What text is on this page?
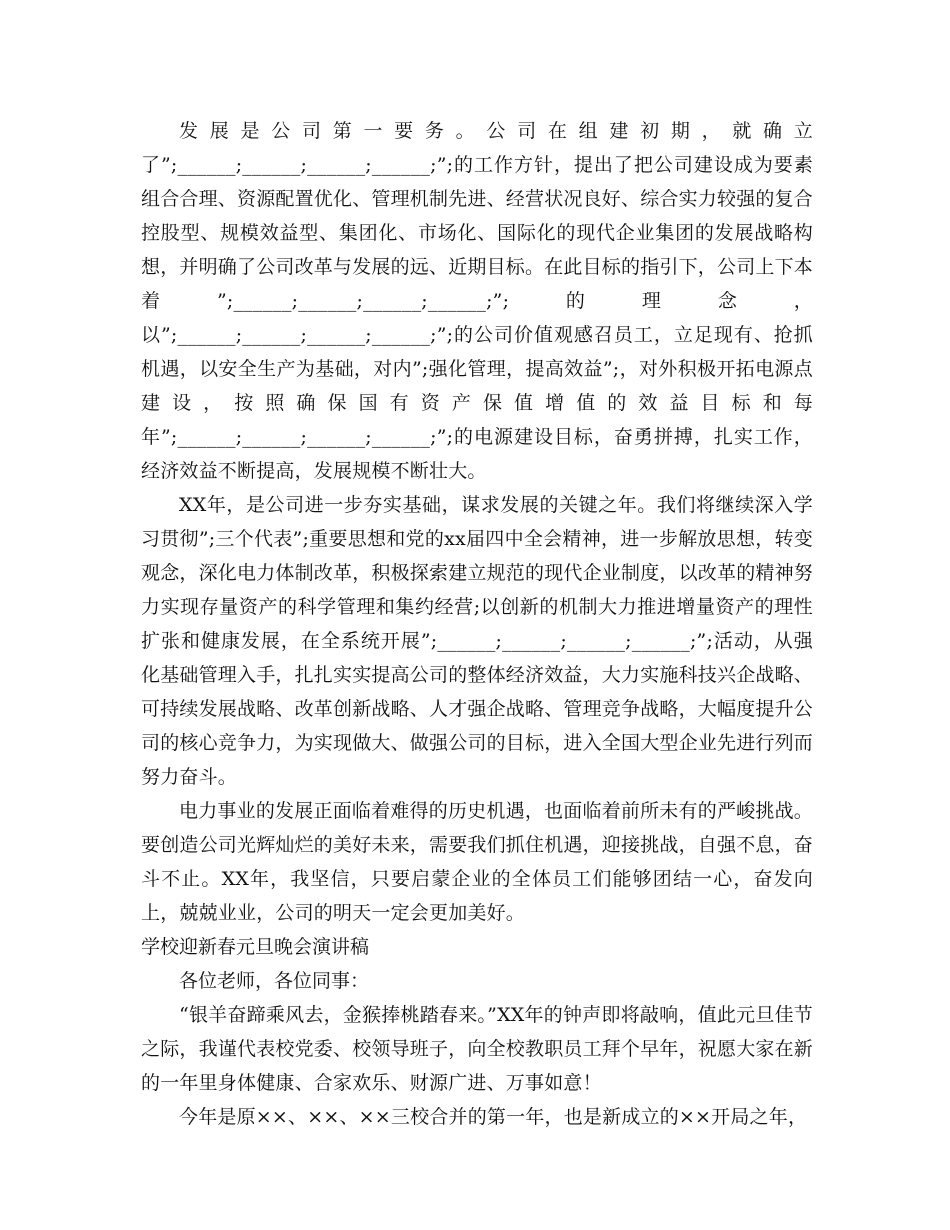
发展是公司第一要务。公司在组建初期，就确立了”;______;______;______;______;”;的工作方针，提出了把公司建设成为要素组合合理、资源配置优化、管理机制先进、经营状况良好、综合实力较强的复合控股型、规模效益型、集团化、市场化、国际化的现代企业集团的发展战略构想，并明确了公司改革与发展的远、近期目标。在此目标的指引下，公司上下本着”;______;______;______;______;”;的理念，以”;______;______;______;______;”;的公司价值观感召员工，立足现有、抢抓机遇，以安全生产为基础，对内”;强化管理，提高效益”;，对外积极开拓电源点建设，按照确保国有资产保值增值的效益目标和每年”;______;______;______;______;”;的电源建设目标，奋勇拼搏，扎实工作，经济效益不断提高，发展规模不断壮大。

XX年，是公司进一步夯实基础，谋求发展的关键之年。我们将继续深入学习贯彻”;三个代表”;重要思想和党的xx届四中全会精神，进一步解放思想，转变观念，深化电力体制改革，积极探索建立规范的现代企业制度，以改革的精神努力实现存量资产的科学管理和集约经营;以创新的机制大力推进增量资产的理性扩张和健康发展，在全系统开展”;______;______;______;______;”;活动，从强化基础管理入手，扎扎实实提高公司的整体经济效益，大力实施科技兴企战略、可持续发展战略、改革创新战略、人才强企战略、管理竞争战略，大幅度提升公司的核心竞争力，为实现做大、做强公司的目标，进入全国大型企业先进行列而努力奋斗。

电力事业的发展正面临着难得的历史机遇，也面临着前所未有的严峻挑战。要创造公司光辉灿烂的美好未来，需要我们抓住机遇，迎接挑战，自强不息，奋斗不止。XX年，我坚信，只要启蒙企业的全体员工们能够团结一心，奋发向上，兢兢业业，公司的明天一定会更加美好。

学校迎新春元旦晚会演讲稿

各位老师，各位同事：

“银羊奋蹄乘风去，金猴捧桃踏春来。”XX年的钟声即将敲响，值此元旦佳节之际，我谨代表校党委、校领导班子，向全校教职员工拜个早年，祝愿大家在新的一年里身体健康、合家欢乐、财源广进、万事如意！

今年是原××、××、××三校合并的第一年，也是新成立的××开局之年，
